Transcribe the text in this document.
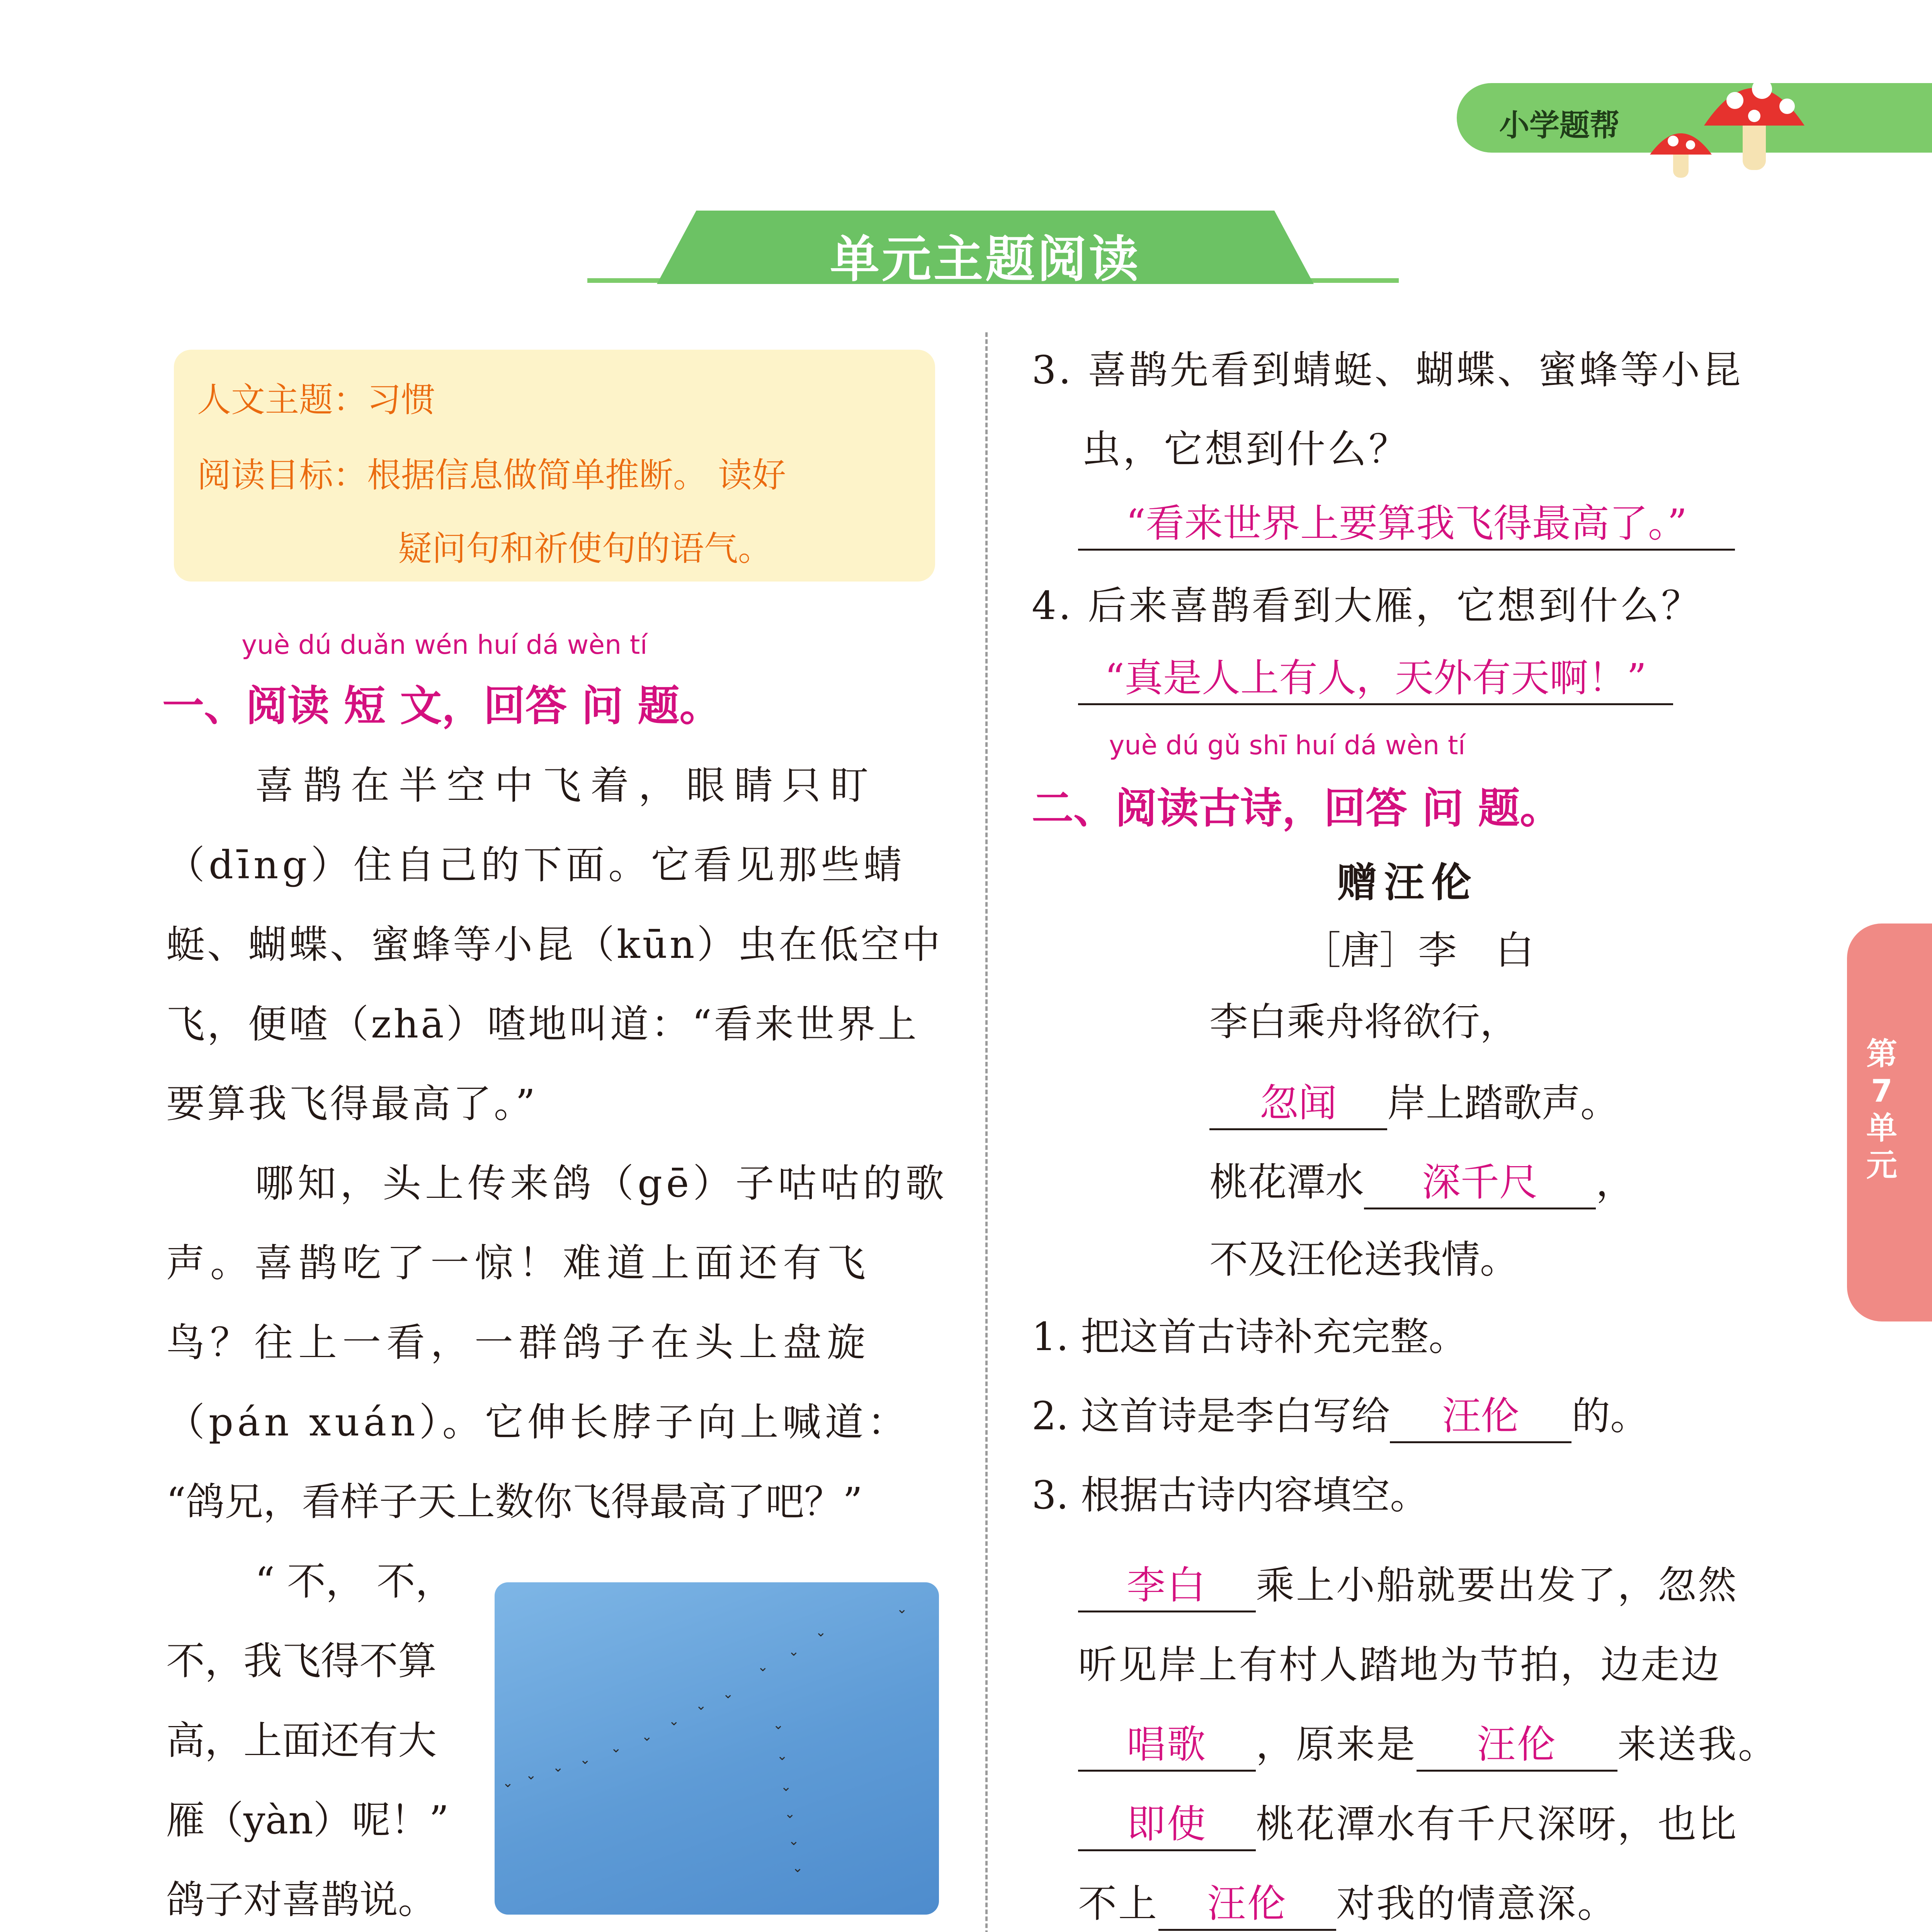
小学题帮
单元主题阅读
人文主题：习惯
阅读目标：根据信息做简单推断。 读好
疑问句和祈使句的语气。
yuè dú duǎn wén huí dá wèn tí
一、阅读 短 文，回答 问 题。
喜鹊在半空中飞着，眼睛只盯
（dīng）住自己的下面。它看见那些蜻
蜓、蝴蝶、蜜蜂等小昆（kūn）虫在低空中
飞，便喳（zhā）喳地叫道：“看来世界上
要算我飞得最高了。”
哪知，头上传来鸽（gē）子咕咕的歌
声。喜鹊吃了一惊！难道上面还有飞
鸟？往上一看，一群鸽子在头上盘旋
（pán xuán）。它伸长脖子向上喊道：
“鸽兄，看样子天上数你飞得最高了吧？”
“ 不， 不，
不，我飞得不算
高，上面还有大
雁（yàn）呢！”
鸽子对喜鹊说。
⌄ ⌄ ⌄ ⌄
⌄
⌄
⌄
⌄
⌄
⌄
⌄
⌄
⌄
⌄
⌄
⌄
⌄
⌄
⌄
3. 喜鹊先看到蜻蜓、蝴蝶、蜜蜂等小昆
虫，它想到什么？
“看来世界上要算我飞得最高了。”
4. 后来喜鹊看到大雁，它想到什么？
“真是人上有人，天外有天啊！”
yuè dú gǔ shī huí dá wèn tí
二、阅读古诗，回答 问 题。
赠汪伦
［唐］李　白
李白乘舟将欲行，
忽闻 岸上踏歌声。
桃花潭水 深千尺 ，
不及汪伦送我情。
1. 把这首古诗补充完整。
2. 这首诗是李白写给 汪伦 的。
3. 根据古诗内容填空。
李白 乘上小船就要出发了，忽然
听见岸上有村人踏地为节拍，边走边
唱歌 ，原来是 汪伦 来送我。
即使 桃花潭水有千尺深呀，也比
不上 汪伦 对我的情意深。
第7单元
